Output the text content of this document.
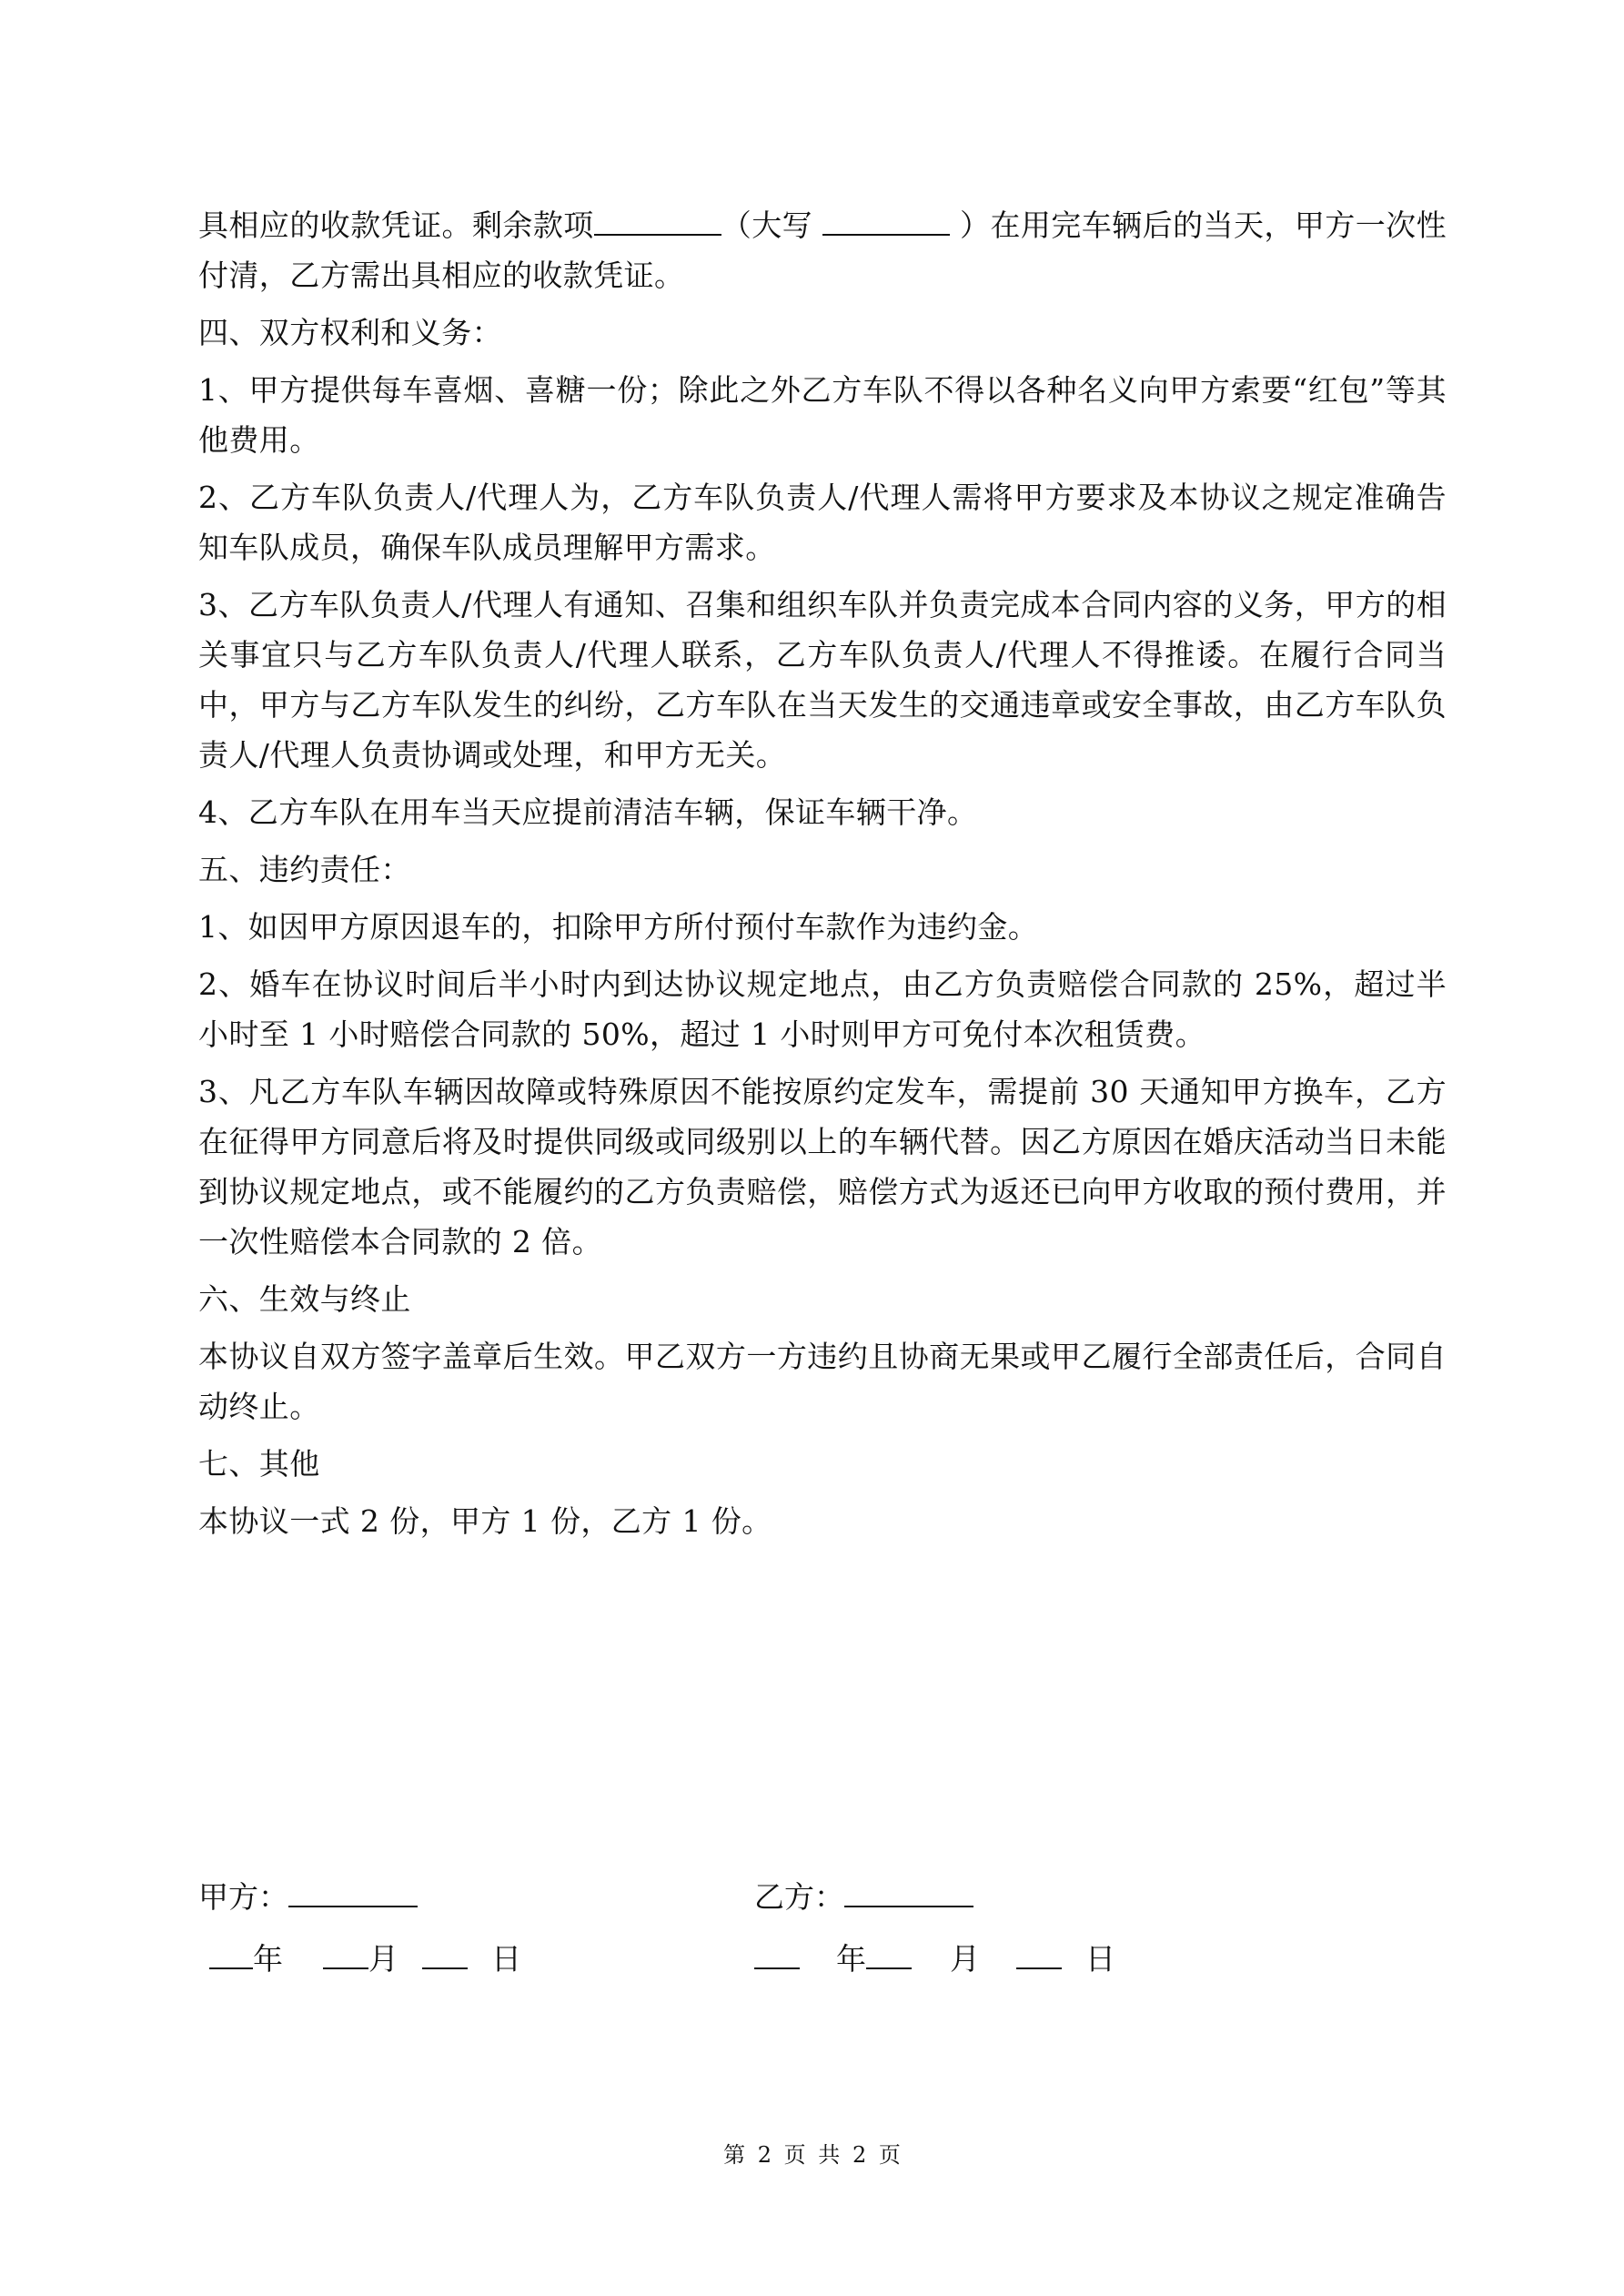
具相应的收款凭证。剩余款项	（大写	）在用完车辆后的当天，甲方一次性付清，乙方需出具相应的收款凭证。
四、双方权利和义务：
1、甲方提供每车喜烟、喜糖一份；除此之外乙方车队不得以各种名义向甲方索要“红包”等其他费用。
2、乙方车队负责人/代理人为，乙方车队负责人/代理人需将甲方要求及本协议之规定准确告知车队成员，确保车队成员理解甲方需求。
3、乙方车队负责人/代理人有通知、召集和组织车队并负责完成本合同内容的义务，甲方的相关事宜只与乙方车队负责人/代理人联系，乙方车队负责人/代理人不得推诿。在履行合同当中，甲方与乙方车队发生的纠纷，乙方车队在当天发生的交通违章或安全事故，由乙方车队负责人/代理人负责协调或处理，和甲方无关。
4、乙方车队在用车当天应提前清洁车辆，保证车辆干净。
五、违约责任：
1、如因甲方原因退车的，扣除甲方所付预付车款作为违约金。
2、婚车在协议时间后半小时内到达协议规定地点，由乙方负责赔偿合同款的 25%，超过半小时至 1 小时赔偿合同款的 50%，超过 1 小时则甲方可免付本次租赁费。
3、凡乙方车队车辆因故障或特殊原因不能按原约定发车，需提前 30 天通知甲方换车，乙方在征得甲方同意后将及时提供同级或同级别以上的车辆代替。因乙方原因在婚庆活动当日未能到协议规定地点，或不能履约的乙方负责赔偿，赔偿方式为返还已向甲方收取的预付费用，并一次性赔偿本合同款的 2 倍。
六、生效与终止
本协议自双方签字盖章后生效。甲乙双方一方违约且协商无果或甲乙履行全部责任后，合同自动终止。
七、其他
本协议一式 2 份，甲方 1 份，乙方 1 份。
甲方：
年	月	日
乙方：
年	月	日
第 2 页 共 2 页
